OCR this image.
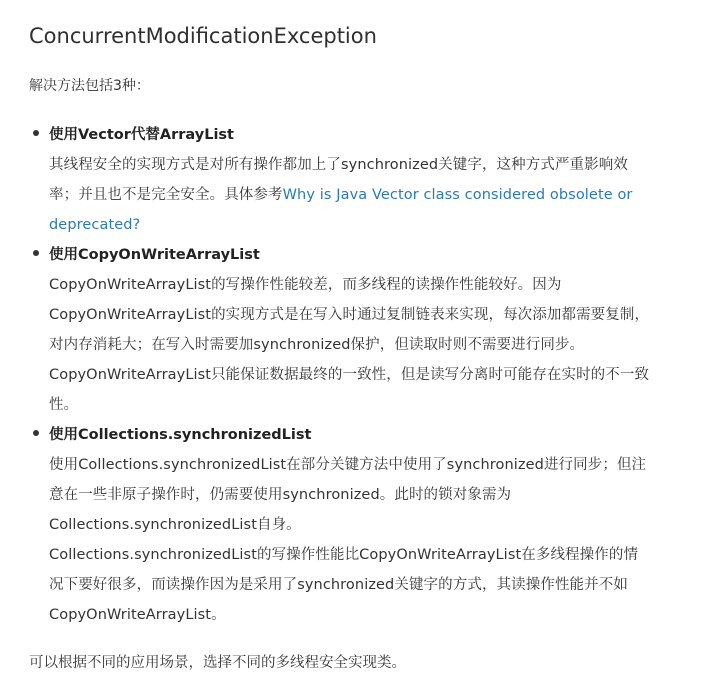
ConcurrentModificationException

解决方法包括3种：

使用Vector代替ArrayList

其线程安全的实现方式是对所有操作都加上了synchronized关键字，这种方式严重影响效率；并且也不是完全安全。具体参考Why is Java Vector class considered obsolete or deprecated?

使用CopyOnWriteArrayList

CopyOnWriteArrayList的写操作性能较差，而多线程的读操作性能较好。因为CopyOnWriteArrayList的实现方式是在写入时通过复制链表来实现，每次添加都需要复制，对内存消耗大；在写入时需要加synchronized保护，但读取时则不需要进行同步。

CopyOnWriteArrayList只能保证数据最终的一致性，但是读写分离时可能存在实时的不一致性。

使用Collections.synchronizedList

使用Collections.synchronizedList在部分关键方法中使用了synchronized进行同步；但注意在一些非原子操作时，仍需要使用synchronized。此时的锁对象需为Collections.synchronizedList自身。

Collections.synchronizedList的写操作性能比CopyOnWriteArrayList在多线程操作的情况下要好很多，而读操作因为是采用了synchronized关键字的方式，其读操作性能并不如CopyOnWriteArrayList。

可以根据不同的应用场景，选择不同的多线程安全实现类。
